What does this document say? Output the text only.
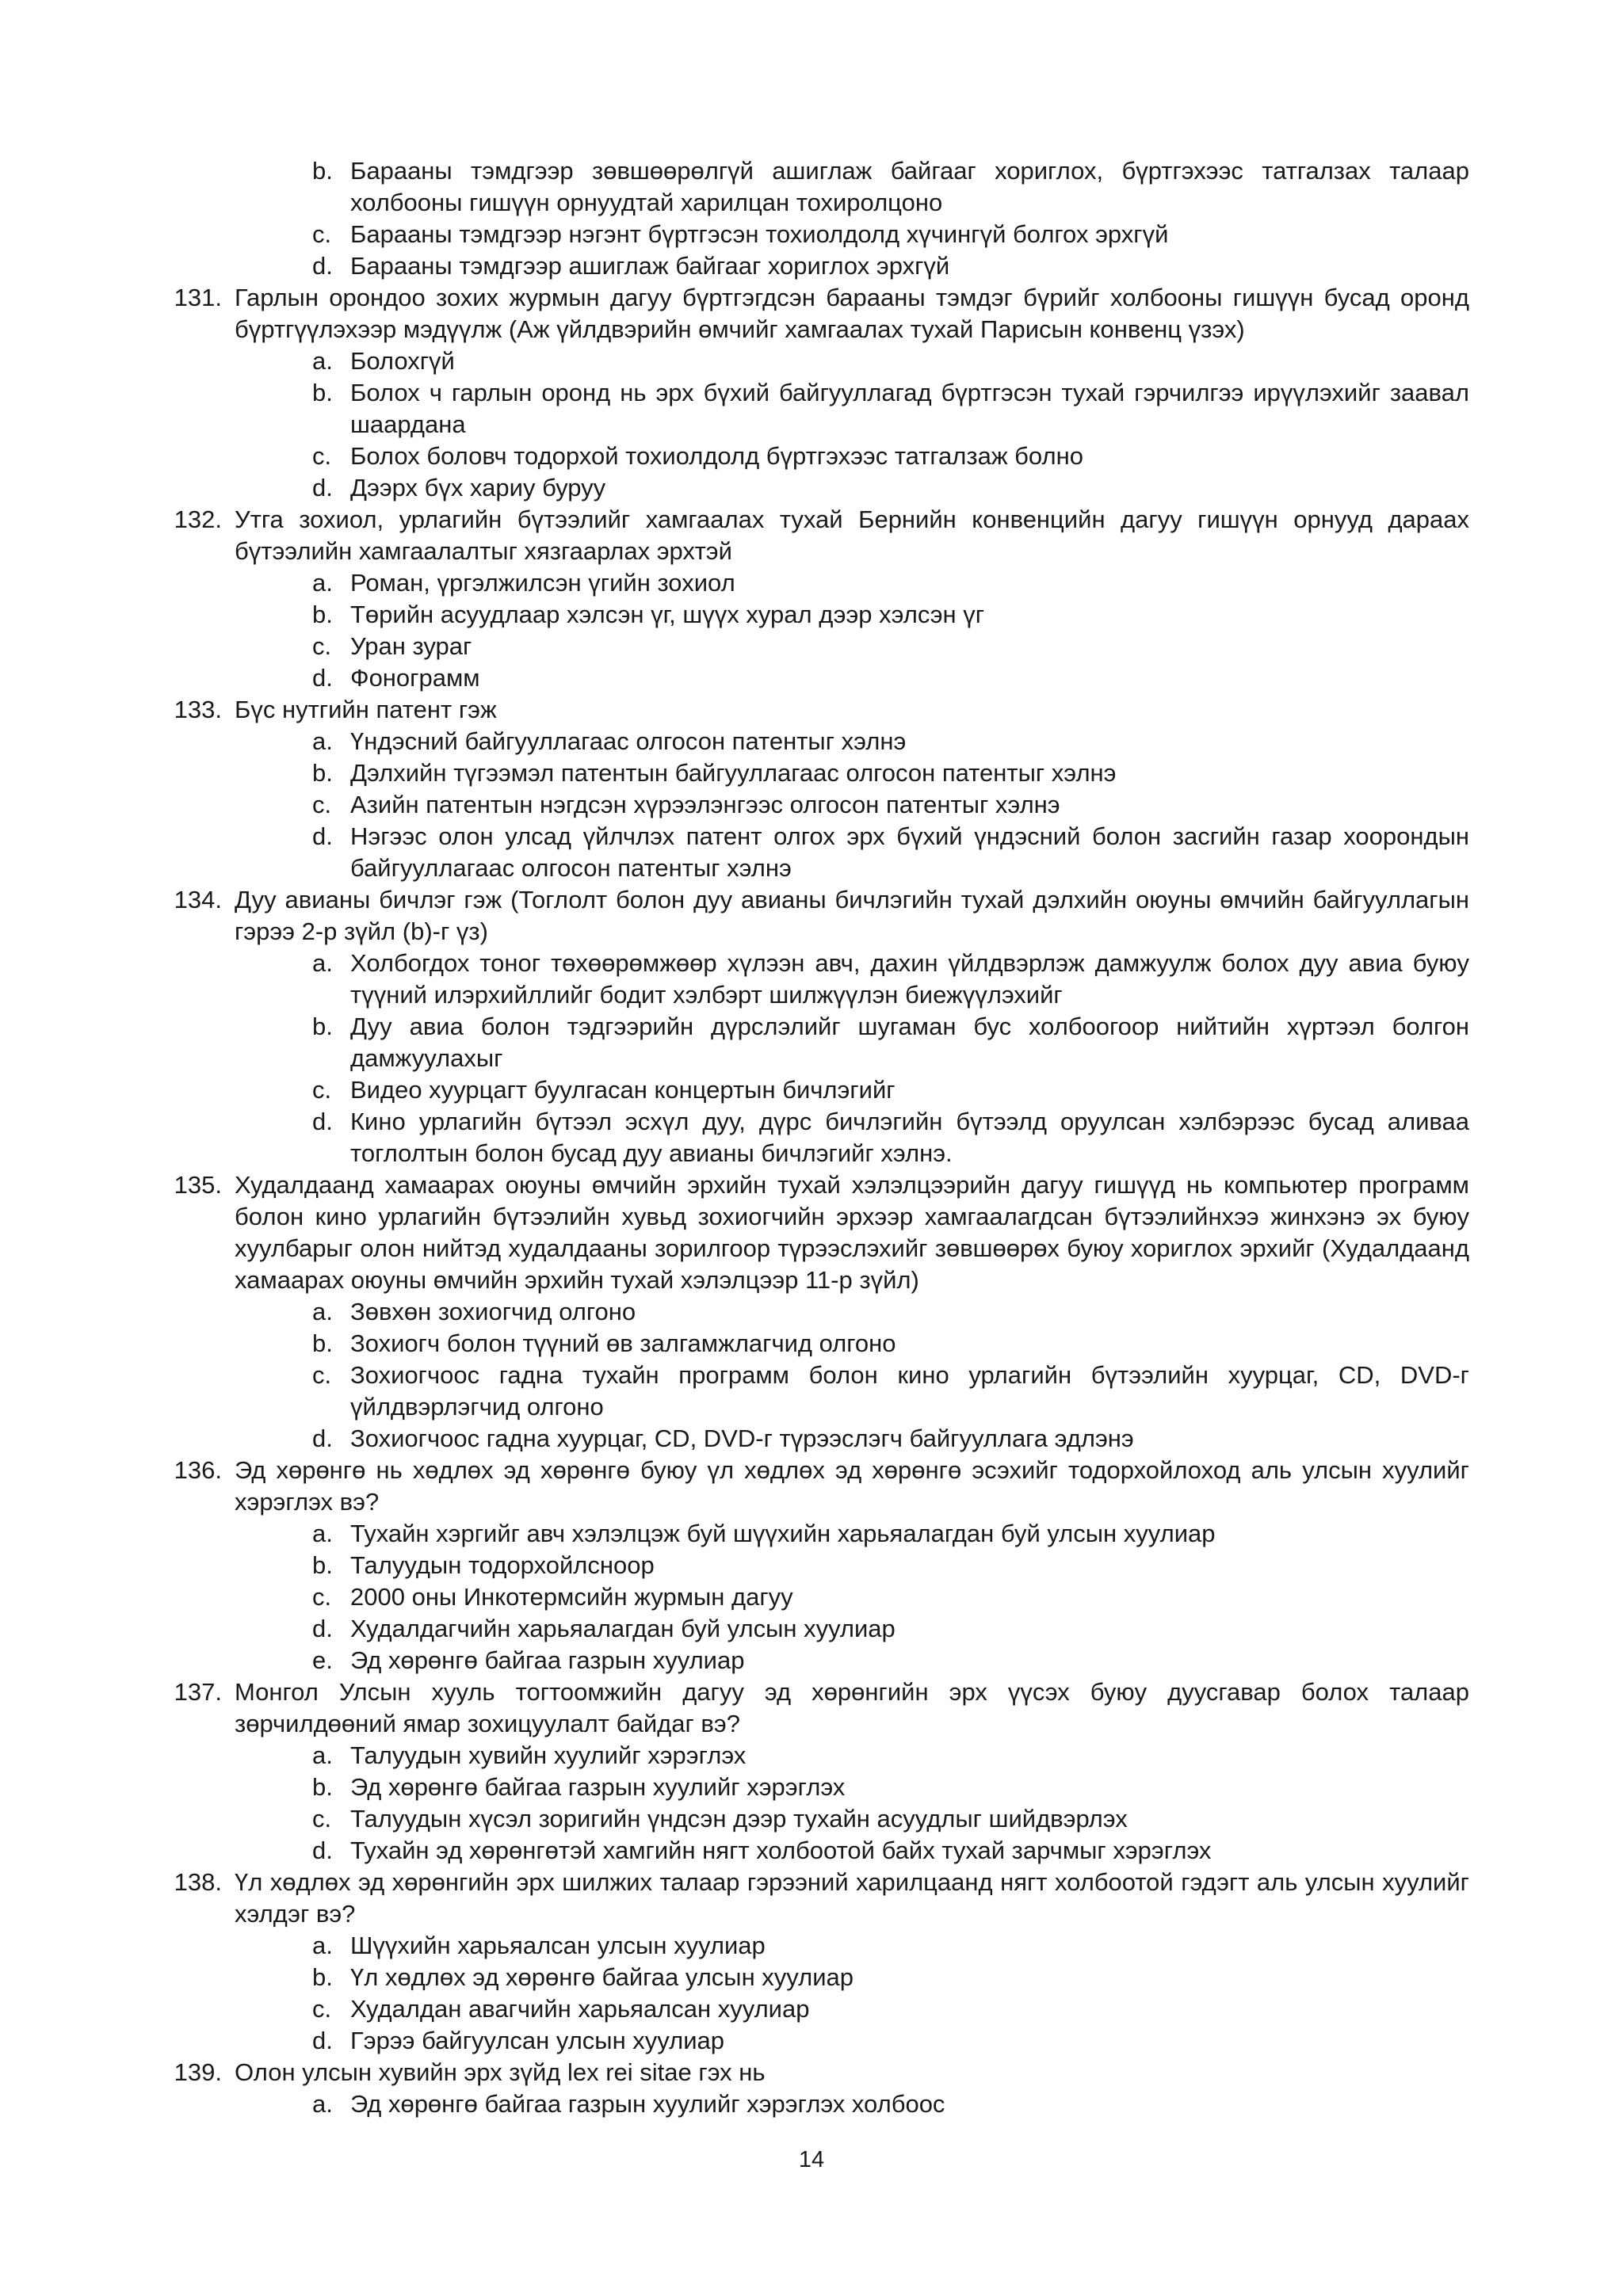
b. Барааны тэмдгээр зөвшөөрөлгүй ашиглаж байгааг хориглох, бүртгэхээс татгалзах талаар холбооны гишүүн орнуудтай харилцан тохиролцоно
c. Барааны тэмдгээр нэгэнт бүртгэсэн тохиолдолд хүчингүй болгох эрхгүй
d. Барааны тэмдгээр ашиглаж байгааг хориглох эрхгүй
131. Гарлын орондоо зохих журмын дагуу бүртгэгдсэн барааны тэмдэг бүрийг холбооны гишүүн бусад оронд бүртгүүлэхээр мэдүүлж (Аж үйлдвэрийн өмчийг хамгаалах тухай Парисын конвенц үзэх)
a. Болохгүй
b. Болох ч гарлын оронд нь эрх бүхий байгууллагад бүртгэсэн тухай гэрчилгээ ирүүлэхийг заавал шаардана
c. Болох боловч тодорхой тохиолдолд бүртгэхээс татгалзаж болно
d. Дээрх бүх хариу буруу
132. Утга зохиол, урлагийн бүтээлийг хамгаалах тухай Бернийн конвенцийн дагуу гишүүн орнууд дараах бүтээлийн хамгаалалтыг хязгаарлах эрхтэй
a. Роман, үргэлжилсэн үгийн зохиол
b. Төрийн асуудлаар хэлсэн үг, шүүх хурал дээр хэлсэн үг
c. Уран зураг
d. Фонограмм
133. Бүс нутгийн патент гэж
a. Үндэсний байгууллагаас олгосон патентыг хэлнэ
b. Дэлхийн түгээмэл патентын байгууллагаас олгосон патентыг хэлнэ
c. Азийн патентын нэгдсэн хүрээлэнгээс олгосон патентыг хэлнэ
d. Нэгээс олон улсад үйлчлэх патент олгох эрх бүхий үндэсний болон засгийн газар хоорондын байгууллагаас олгосон патентыг хэлнэ
134. Дуу авианы бичлэг гэж (Тоглолт болон дуу авианы бичлэгийн тухай дэлхийн оюуны өмчийн байгууллагын гэрээ 2-р зүйл (b)-г үз)
a. Холбогдох тоног төхөөрөмжөөр хүлээн авч, дахин үйлдвэрлэж дамжуулж болох дуу авиа буюу түүний илэрхийллийг бодит хэлбэрт шилжүүлэн биежүүлэхийг
b. Дуу авиа болон тэдгээрийн дүрслэлийг шугаман бус холбоогоор нийтийн хүртээл болгон дамжуулахыг
c. Видео хуурцагт буулгасан концертын бичлэгийг
d. Кино урлагийн бүтээл эсхүл дуу, дүрс бичлэгийн бүтээлд оруулсан хэлбэрээс бусад аливаа тоглолтын болон бусад дуу авианы бичлэгийг хэлнэ.
135. Худалдаанд хамаарах оюуны өмчийн эрхийн тухай хэлэлцээрийн дагуу гишүүд нь компьютер программ болон кино урлагийн бүтээлийн хувьд зохиогчийн эрхээр хамгаалагдсан бүтээлийнхээ жинхэнэ эх буюу хуулбарыг олон нийтэд худалдааны зорилгоор түрээслэхийг зөвшөөрөх буюу хориглох эрхийг (Худалдаанд хамаарах оюуны өмчийн эрхийн тухай хэлэлцээр 11-р зүйл)
a. Зөвхөн зохиогчид олгоно
b. Зохиогч болон түүний өв залгамжлагчид олгоно
c. Зохиогчоос гадна тухайн программ болон кино урлагийн бүтээлийн хуурцаг, CD, DVD-г үйлдвэрлэгчид олгоно
d. Зохиогчоос гадна хуурцаг, CD, DVD-г түрээслэгч байгууллага эдлэнэ
136. Эд хөрөнгө нь хөдлөх эд хөрөнгө буюу үл хөдлөх эд хөрөнгө эсэхийг тодорхойлоход аль улсын хуулийг хэрэглэх вэ?
a. Тухайн хэргийг авч хэлэлцэж буй шүүхийн харьяалагдан буй улсын хуулиар
b. Талуудын тодорхойлсноор
c. 2000 оны Инкотермсийн журмын дагуу
d. Худалдагчийн харьяалагдан буй улсын хуулиар
e. Эд хөрөнгө байгаа газрын хуулиар
137. Монгол Улсын хууль тогтоомжийн дагуу эд хөрөнгийн эрх үүсэх буюу дуусгавар болох талаар зөрчилдөөний ямар зохицуулалт байдаг вэ?
a. Талуудын хувийн хуулийг хэрэглэх
b. Эд хөрөнгө байгаа газрын хуулийг хэрэглэх
c. Талуудын хүсэл зоригийн үндсэн дээр тухайн асуудлыг шийдвэрлэх
d. Тухайн эд хөрөнгөтэй хамгийн нягт холбоотой байх тухай зарчмыг хэрэглэх
138. Үл хөдлөх эд хөрөнгийн эрх шилжих талаар гэрээний харилцаанд нягт холбоотой гэдэгт аль улсын хуулийг хэлдэг вэ?
a. Шүүхийн харьяалсан улсын хуулиар
b. Үл хөдлөх эд хөрөнгө байгаа улсын хуулиар
c. Худалдан авагчийн харьяалсан хуулиар
d. Гэрээ байгуулсан улсын хуулиар
139. Олон улсын хувийн эрх зүйд lex rei sitae гэх нь
a. Эд хөрөнгө байгаа газрын хуулийг хэрэглэх холбоос
14
